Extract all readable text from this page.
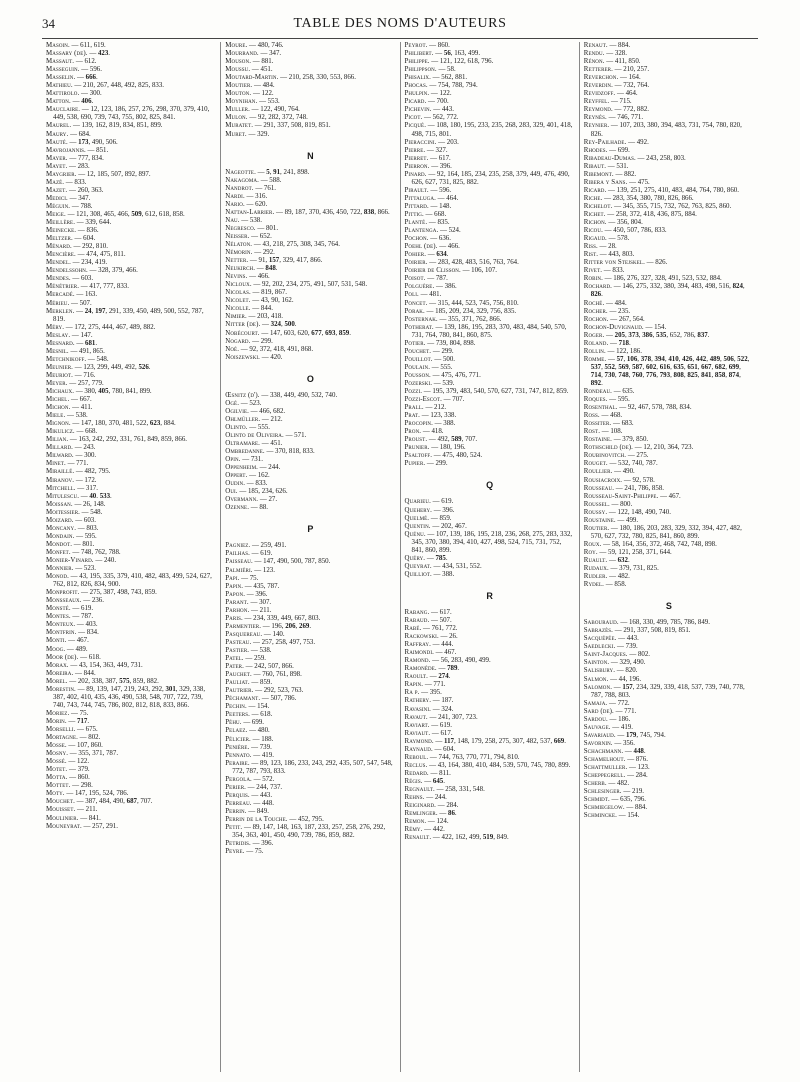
34	TABLE DES NOMS D'AUTEURS
Masoin. — 611, 619.
Massary (de). — 423.
Massaut. — 612.
Masseguin. — 596.
Masselin. — 666.
Mathieu. — 210, 267, 448, 492, 825, 833.
Mattirolo. — 300.
Matton. — 406.
Mauclaire. — 12, 123, 186, 257, 276, 298, 370, 379, 410, 449, 538, 690, 739, 743, 755, 802, 825, 841.
Maurel. — 139, 162, 819, 834, 851, 899.
Maury. — 684.
Mauté. — 173, 490, 506.
Mavrojannis. — 851.
Mayer. — 777, 834.
Mayet. — 283.
Maygrier. — 12, 185, 507, 892, 897.
Mazé. — 833.
Mazet. — 260, 363.
Medici. — 347.
Méguin. — 788.
Meige. — 121, 308, 465, 466, 509, 612, 618, 858.
Meillère. — 339, 644.
Meinecke. — 836.
Meltzer. — 604.
Ménard. — 292, 810.
Mencière. — 474, 475, 811.
Mendel. — 234, 419.
Mendelssohn. — 328, 379, 466.
Mendes. — 603.
Ménétrier. — 417, 777, 833.
Mercadé. — 163.
Mérieu. — 507.
Merklen. — 24, 197, 291, 339, 450, 489, 500, 552, 787, 819.
Méry. — 172, 275, 444, 467, 489, 882.
Meslay. — 147.
Mesnard. — 681.
Mesnil. — 491, 865.
Metchnikoff. — 548.
Meunier. — 123, 299, 449, 492, 526.
Meuriot. — 716.
Meyer. — 257, 779.
Michaux. — 380, 405, 780, 841, 899.
Michel. — 667.
Michon. — 411.
Miele. — 538.
Mignon. — 147, 180, 370, 481, 522, 623, 884.
Mikulicz. — 668.
Milian. — 163, 242, 292, 331, 761, 849, 859, 866.
Millard. — 243.
Milward. — 300.
Minet. — 771.
Miraillé. — 482, 795.
Miranov. — 172.
Mitchell. — 317.
Mitulescu. — 40. 533.
Moissan. — 26, 148.
Moitessier. — 548.
Moizard. — 603.
Moncany. — 803.
Mondain. — 595.
Mondot. — 801.
Monfet. — 748, 762, 788.
Monier-Vinard. — 240.
Monnier. — 523.
Monod. — 43, 195, 335, 379, 410, 482, 483, 499, 524, 627, 762, 812, 826, 834, 900.
Monprofit. — 275, 387, 498, 743, 859.
Monsseaux. — 236.
Monsté. — 619.
Montes. — 787.
Monteux. — 403.
Montfrin. — 834.
Monti. — 467.
Moog. — 489.
Moor (de). — 618.
Morax. — 43, 154, 363, 449, 731.
Moreira. — 844.
Morel. — 202, 338, 387, 575, 859, 882.
Morestin. — 89, 139, 147, 219, 243, 292, 301, 329, 338, 387, 402, 410, 435, 436, 490, 538, 548, 707, 722, 739, 740, 743, 744, 745, 786, 802, 812, 818, 833, 866.
Moriez. — 75.
Morin. — 717.
Morselli. — 675.
Mortagne. — 802.
Mosse. — 107, 860.
Mosny. — 355, 371, 787.
Mossé. — 122.
Motet. — 379.
Motta. — 860.
Mottet. — 298.
Moty. — 147, 195, 524, 786.
Mouchet. — 387, 484, 490, 687, 707.
Mouisset. — 211.
Moulinier. — 841.
Mouneyrat. — 257, 291.
Moure. — 480, 746.
Mourrand. — 347.
Mouson. — 881.
Moussu. — 451.
Moutard-Martin. — 210, 258, 330, 553, 866.
Moutier. — 484.
Mouton. — 122.
Moynihan. — 553.
Muller. — 122, 490, 764.
Mulon. — 92, 282, 372, 748.
Muratet. — 291, 337, 508, 819, 851.
Muret. — 329.
N
Nageotte. — 5, 91, 241, 898.
Nakagoma. — 588.
Nandrot. — 761.
Nardi. — 316.
Nario. — 620.
Nattan-Larrier. — 89, 187, 370, 436, 450, 722, 838, 866.
Nau. — 538.
Negresco. — 801.
Neisser. — 652.
Nélaton. — 43, 218, 275, 308, 345, 764.
Némorin. — 292.
Netter. — 91, 157, 329, 417, 866.
Neukirch. — 848.
Nevins. — 466.
Nicloux. — 92, 202, 234, 275, 491, 507, 531, 548.
Nicolas. — 819, 867.
Nicolet. — 43, 90, 162.
Nicolle. — 844.
Nimier. — 203, 418.
Nitter (de). — 324, 500.
Nobécourt. — 147, 603, 620, 677, 693, 859.
Nogard. — 299.
Noé. — 92, 372, 418, 491, 868.
Noiszewski. — 420.
O
Œsnitz (d'). — 338, 449, 490, 532, 740.
Ogé. — 523.
Ogilvie. — 466, 682.
Ohlmüller. — 212.
Olinto. — 555.
Olinto de Oliveira. — 571.
Oltramare. — 451.
Ombredanne. — 370, 818, 833.
Opin. — 731.
Oppenheim. — 244.
Oppert. — 162.
Oudin. — 833.
Oui. — 185, 234, 626.
Overmann. — 27.
Ozenne. — 88.
P
Pagniez. — 259, 491.
Pailhas. — 619.
Paisseau. — 147, 490, 500, 787, 850.
Palmiéri. — 123.
Papi. — 75.
Papin. — 435, 787.
Papon. — 396.
Parant. — 307.
Parhon. — 211.
Paris. — 234, 339, 449, 667, 803.
Parmentier. — 196, 206, 269.
Pasquereau. — 140.
Pasteau. — 257, 258, 497, 753.
Pastier. — 538.
Patel. — 259.
Pater. — 242, 507, 866.
Pauchet. — 760, 761, 898.
Pauliat. — 859.
Pautrier. — 292, 523, 763.
Péchamant. — 507, 786.
Pechin. — 154.
Peeters. — 618.
Péhu. — 699.
Pelaez. — 480.
Pélicier. — 188.
Penière. — 739.
Pennato. — 419.
Peraire. — 89, 123, 186, 233, 243, 292, 435, 507, 547, 548, 772, 787, 793, 833.
Pergola. — 572.
Perier. — 244, 737.
Perquis. — 443.
Perreau. — 448.
Perrin. — 849.
Perrin de la Touche. — 452, 795.
Petit. — 89, 147, 148, 163, 187, 233, 257, 258, 276, 292, 354, 363, 401, 450, 490, 739, 786, 859, 882.
Petridis. — 396.
Peyre. — 75.
Peyrot. — 860.
Philibert. — 56, 163, 499.
Philippe. — 121, 122, 618, 796.
Philippson. — 58.
Phisalix. — 562, 881.
Phocas. — 754, 788, 794.
Phulpin. — 122.
Picard. — 700.
Pichevin. — 443.
Picot. — 562, 772.
Picqué. — 108, 180, 195, 233, 235, 268, 283, 329, 401, 418, 498, 715, 801.
Pieraccini. — 203.
Pierre. — 327.
Pierret. — 617.
Pierron. — 396.
Pinard. — 92, 164, 185, 234, 235, 258, 379, 449, 476, 490, 626, 627, 731, 825, 882.
Pirault. — 596.
Pittaluga. — 464.
Pittard. — 148.
Pittig. — 668.
Planté. — 835.
Plantenga. — 524.
Pochon. — 636.
Poehl (de). — 466.
Pohier. — 634.
Poirier. — 283, 428, 483, 516, 763, 764.
Poirier de Clisson. — 106, 107.
Poisot. — 787.
Polguère. — 386.
Poli. — 481.
Poncet. — 315, 444, 523, 745, 756, 810.
Porak. — 185, 209, 234, 329, 756, 835.
Posternak. — 355, 371, 762, 866.
Potherat. — 139, 186, 195, 283, 370, 483, 484, 540, 570, 731, 764, 780, 841, 860, 875.
Potier. — 739, 804, 898.
Pouchet. — 299.
Pouillot. — 500.
Poulain. — 555.
Pousson. — 475, 476, 771.
Pozerski. — 539.
Pozzi. — 195, 379, 483, 540, 570, 627, 731, 747, 812, 859.
Pozzi-Escot. — 707.
Prall. — 212.
Prat. — 123, 338.
Procopin. — 388.
Pron. — 418.
Proust. — 492, 589, 707.
Prunier. — 180, 196.
Psaltoff. — 475, 480, 524.
Pupier. — 299.
Q
Quarieu. — 619.
Quehery. — 396.
Quelmé. — 859.
Quentin. — 202, 467.
Quénu. — 107, 139, 186, 195, 218, 236, 268, 275, 283, 332, 345, 370, 380, 394, 410, 427, 498, 524, 715, 731, 752, 841, 860, 899.
Quéry. — 785.
Queyrat. — 434, 531, 552.
Quilliot. — 388.
R
Rabang. — 617.
Rabaud. — 507.
Rabé. — 761, 772.
Rackowski. — 26.
Raffray. — 444.
Raimondi. — 467.
Ramond. — 56, 283, 490, 499.
Ramonède. — 789.
Raoult. — 274.
Rapin. — 771.
Ra p. — 395.
Rathery. — 187.
Ravasini. — 324.
Ravaut. — 241, 307, 723.
Raviart. — 619.
Raviaut. — 617.
Raymond. — 117, 148, 179, 258, 275, 307, 482, 537, 669.
Raynaud. — 604.
Reboul. — 744, 763, 770, 771, 794, 810.
Reclus. — 43, 164, 380, 410, 484, 539, 570, 745, 780, 899.
Redard. — 811.
Régis. — 645.
Regnault. — 258, 331, 548.
Rehns. — 244.
Reiginard. — 284.
Remlinger. — 86.
Remon. — 124.
Rémy. — 442.
Renault. — 422, 162, 499, 519, 849.
Renaut. — 884.
Rendu. — 328.
Rénon. — 411, 850.
Retterer. — 210, 257.
Reverchon. — 164.
Reverdin. — 732, 764.
Revidzoff. — 464.
Reyffel. — 715.
Reymond. — 772, 882.
Reynès. — 746, 771.
Reynier. — 107, 203, 380, 394, 483, 731, 754, 780, 820, 826.
Rey-Pailhade. — 492.
Rhodes. — 699.
Ribadeau-Dumas. — 243, 258, 803.
Ribaut. — 531.
Ribemont. — 882.
Ribera y Sans. — 475.
Ricard. — 139, 251, 275, 410, 483, 484, 764, 780, 860.
Riche. — 283, 354, 380, 780, 826, 866.
Richelot. — 345, 355, 715, 732, 762, 763, 825, 860.
Richet. — 258, 372, 418, 436, 875, 884.
Richon. — 356, 804.
Ricou. — 450, 507, 786, 833.
Rigaud. — 578.
Riss. — 28.
Rist. — 443, 803.
Ritter von Stejskel. — 826.
Rivet. — 833.
Robin. — 186, 276, 327, 328, 491, 523, 532, 884.
Rochard. — 146, 275, 332, 380, 394, 483, 498, 516, 824, 826.
Roché. — 484.
Rocher. — 235.
Rochon. — 267, 564.
Rochon-Duvignaud. — 154.
Roger. — 205, 373, 386, 535, 652, 786, 837.
Roland. — 718.
Rollin. — 122, 186.
Romme. — 57, 106, 378, 394, 410, 426, 442, 489, 506, 522, 537, 552, 569, 587, 602, 616, 635, 651, 667, 682, 699, 714, 730, 748, 760, 776, 793, 808, 825, 841, 858, 874, 892.
Rondeau. — 635.
Roques. — 595.
Rosenthal. — 92, 467, 578, 788, 834.
Ross. — 468.
Rossiter. — 683.
Rost. — 108.
Rostaine. — 379, 850.
Rothschild (de). — 12, 210, 364, 723.
Roubinovitch. — 275.
Rouget. — 532, 740, 787.
Roullier. — 490.
Rousiacroix. — 92, 578.
Rousseau. — 241, 786, 858.
Rousseau-Saint-Philippe. — 467.
Roussel. — 800.
Roussy. — 122, 148, 490, 740.
Roustaine. — 499.
Routier. — 180, 186, 203, 283, 329, 332, 394, 427, 482, 570, 627, 732, 780, 825, 841, 860, 899.
Roux. — 58, 164, 356, 372, 468, 742, 748, 898.
Roy. — 59, 121, 258, 371, 644.
Ruault. — 632.
Rudaux. — 379, 731, 825.
Rudler. — 482.
Rydel. — 858.
S
Sabouraud. — 168, 330, 499, 785, 786, 849.
Sabrazès. — 291, 337, 508, 819, 851.
Sacquépée. — 443.
Saedlecki. — 739.
Saint-Jacques. — 802.
Sainton. — 329, 490.
Salisbury. — 820.
Salmon. — 44, 196.
Salomon. — 157, 234, 329, 339, 418, 537, 739, 740, 778, 787, 788, 803.
Samaja. — 772.
Sard (de). — 771.
Sardou. — 186.
Sauvage. — 419.
Savariaud. — 179, 745, 794.
Savornin. — 356.
Schachmann. — 448.
Schamelhout. — 876.
Schattmuller. — 123.
Scheppegrell. — 284.
Scherb. — 482.
Schlesinger. — 219.
Schmidt. — 635, 796.
Schmiegelow. — 884.
Schmincke. — 154.
